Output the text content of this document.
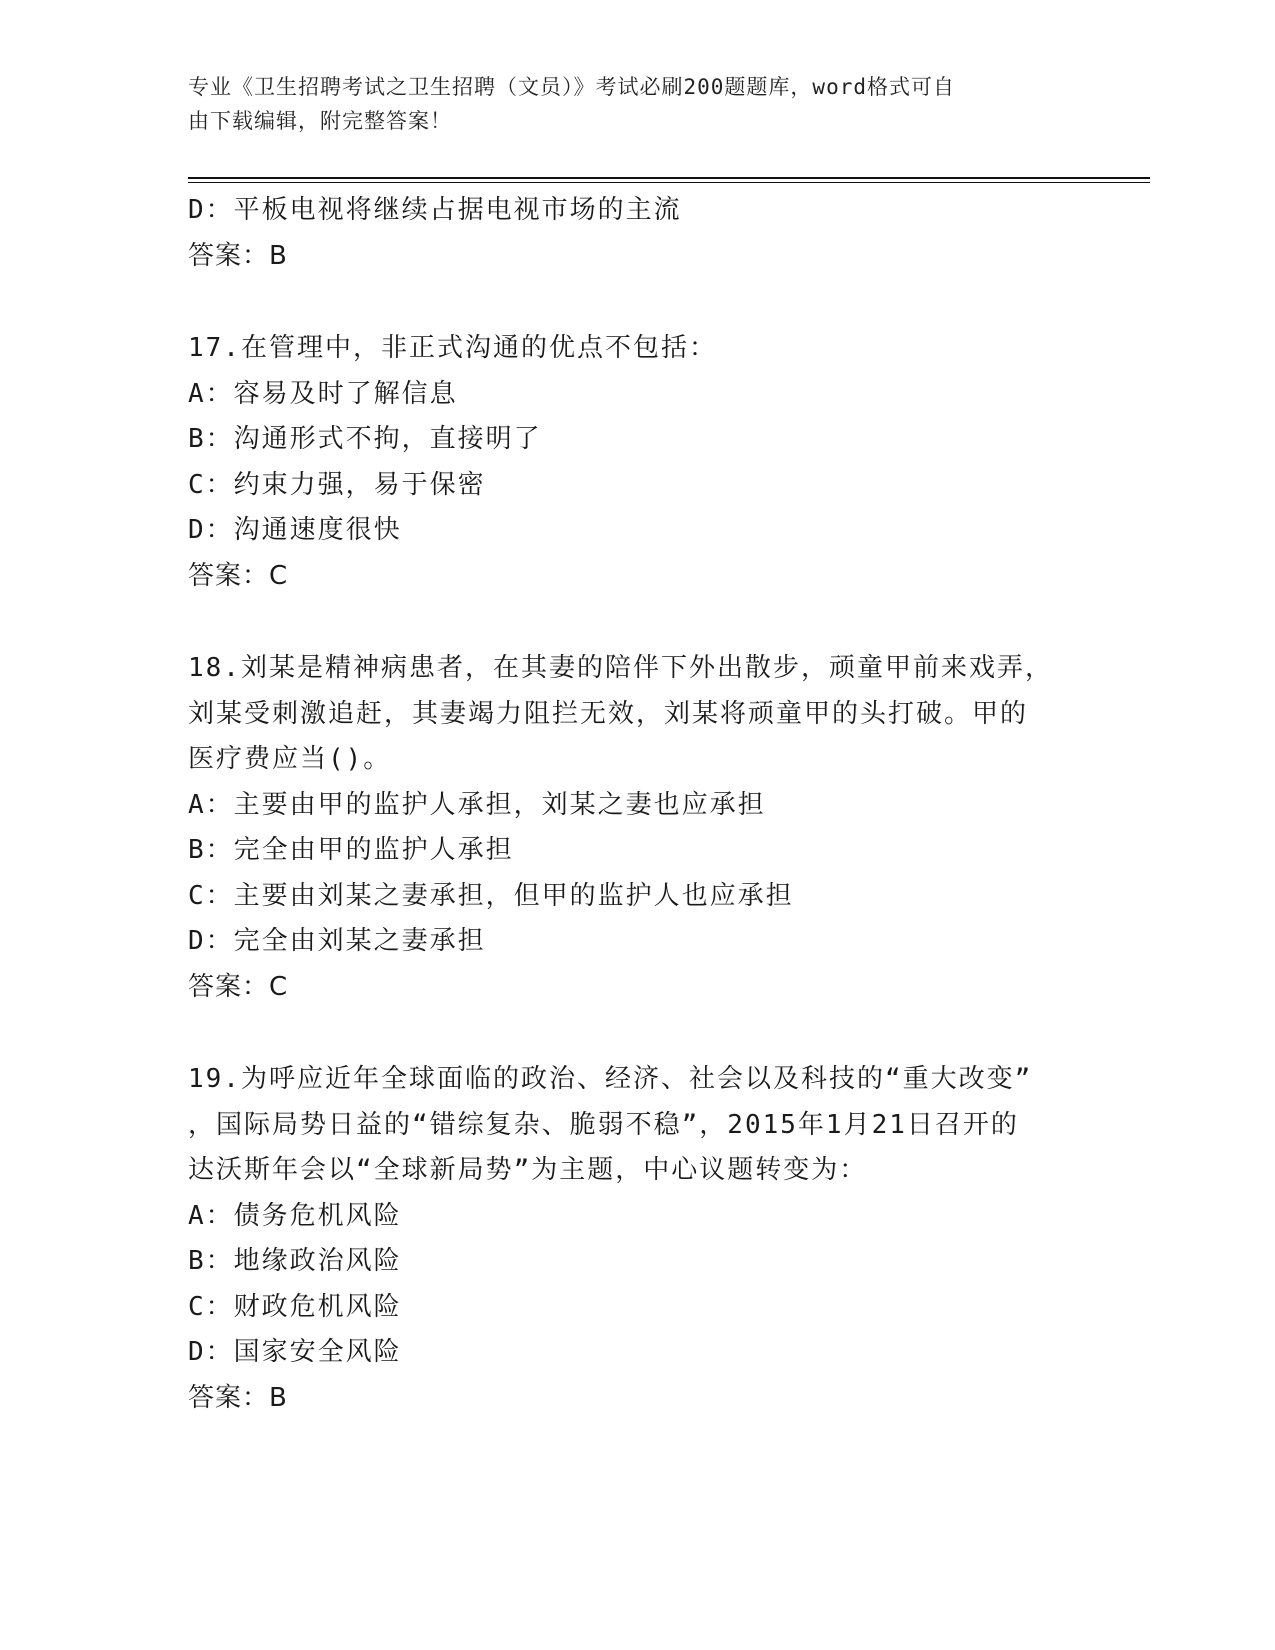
专业《卫生招聘考试之卫生招聘（文员）》考试必刷200题题库，word格式可自
由下载编辑，附完整答案！
D：平板电视将继续占据电视市场的主流
答案：B
17.在管理中，非正式沟通的优点不包括：
A：容易及时了解信息
B：沟通形式不拘，直接明了
C：约束力强，易于保密
D：沟通速度很快
答案：C
18.刘某是精神病患者，在其妻的陪伴下外出散步，顽童甲前来戏弄，
刘某受刺激追赶，其妻竭力阻拦无效，刘某将顽童甲的头打破。甲的
医疗费应当()。
A：主要由甲的监护人承担，刘某之妻也应承担
B：完全由甲的监护人承担
C：主要由刘某之妻承担，但甲的监护人也应承担
D：完全由刘某之妻承担
答案：C
19.为呼应近年全球面临的政治、经济、社会以及科技的“重大改变”
，国际局势日益的“错综复杂、脆弱不稳”，2015年1月21日召开的
达沃斯年会以“全球新局势”为主题，中心议题转变为：
A：债务危机风险
B：地缘政治风险
C：财政危机风险
D：国家安全风险
答案：B
